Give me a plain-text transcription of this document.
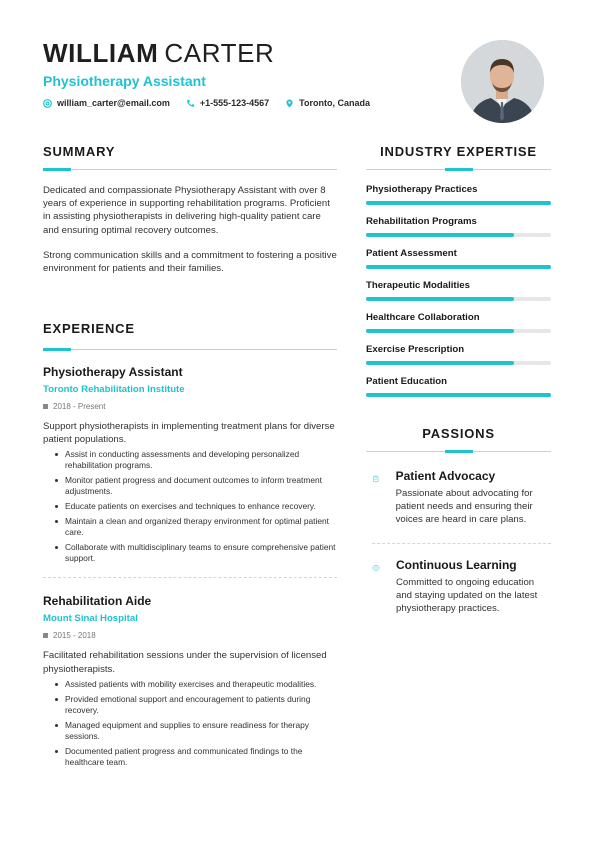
WILLIAM CARTER
Physiotherapy Assistant
william_carter@email.com	+1-555-123-4567	Toronto, Canada
SUMMARY

Dedicated and compassionate Physiotherapy Assistant with over 8 years of experience in supporting rehabilitation programs. Proficient in assisting physiotherapists in delivering high-quality patient care and ensuring optimal recovery outcomes.

Strong communication skills and a commitment to fostering a positive environment for patients and their families.

EXPERIENCE
Physiotherapy Assistant
Toronto Rehabilitation Institute
2018 - Present

Support physiotherapists in implementing treatment plans for diverse patient populations.

Assist in conducting assessments and developing personalized rehabilitation programs.
Monitor patient progress and document outcomes to inform treatment adjustments.
Educate patients on exercises and techniques to enhance recovery.
Maintain a clean and organized therapy environment for optimal patient care.
Collaborate with multidisciplinary teams to ensure comprehensive patient support.
Rehabilitation Aide
Mount Sinai Hospital
2015 - 2018

Facilitated rehabilitation sessions under the supervision of licensed physiotherapists.

Assisted patients with mobility exercises and therapeutic modalities.
Provided emotional support and encouragement to patients during recovery.
Managed equipment and supplies to ensure readiness for therapy sessions.
Documented patient progress and communicated findings to the healthcare team.
INDUSTRY EXPERTISE
Physiotherapy Practices
Rehabilitation Programs
Patient Assessment
Therapeutic Modalities
Healthcare Collaboration
Exercise Prescription
Patient Education
PASSIONS
Patient Advocacy
Passionate about advocating for patient needs and ensuring their voices are heard in care plans.
Continuous Learning
Committed to ongoing education and staying updated on the latest physiotherapy practices.
